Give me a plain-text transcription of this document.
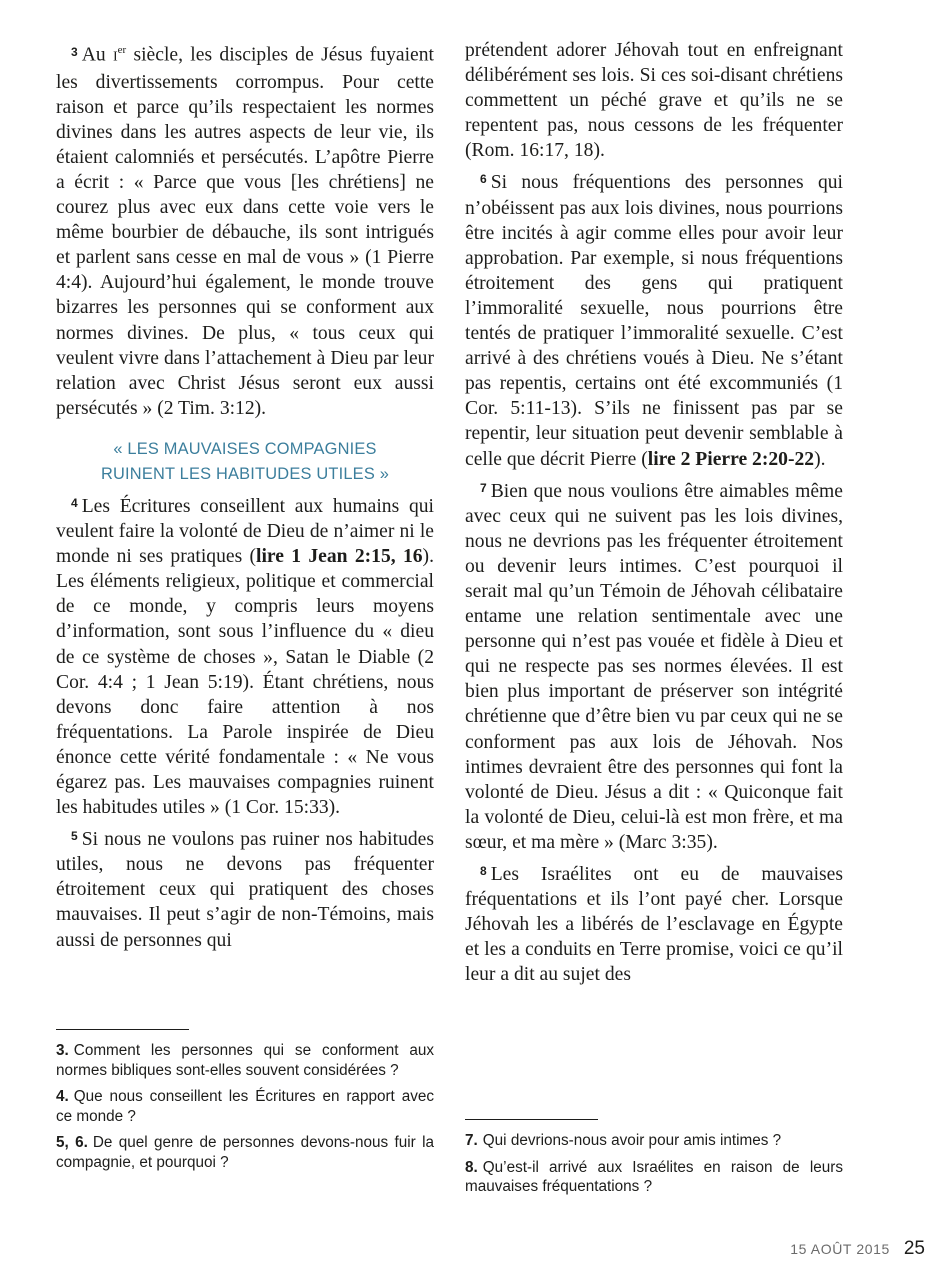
$^3$ Au Ier siècle, les disciples de Jésus fuyaient les divertissements corrompus. Pour cette raison et parce qu’ils respectaient les normes divines dans les autres aspects de leur vie, ils étaient calomniés et persécutés. L’apôtre Pierre a écrit : « Parce que vous [les chrétiens] ne courez plus avec eux dans cette voie vers le même bourbier de débauche, ils sont intrigués et parlent sans cesse en mal de vous » (1 Pierre 4:4). Aujourd’hui également, le monde trouve bizarres les personnes qui se conforment aux normes divines. De plus, « tous ceux qui veulent vivre dans l’attachement à Dieu par leur relation avec Christ Jésus seront eux aussi persécutés » (2 Tim. 3:12).

« LES MAUVAISES COMPAGNIES
RUINENT LES HABITUDES UTILES »

$^4$ Les Écritures conseillent aux humains qui veulent faire la volonté de Dieu de n’aimer ni le monde ni ses pratiques (lire 1 Jean 2:15, 16). Les éléments religieux, politique et commercial de ce monde, y compris leurs moyens d’information, sont sous l’influence du « dieu de ce système de choses », Satan le Diable (2 Cor. 4:4 ; 1 Jean 5:19). Étant chrétiens, nous devons donc faire attention à nos fréquentations. La Parole inspirée de Dieu énonce cette vérité fondamentale : « Ne vous égarez pas. Les mauvaises compagnies ruinent les habitudes utiles » (1 Cor. 15:33).

$^5$ Si nous ne voulons pas ruiner nos habitudes utiles, nous ne devons pas fréquenter étroitement ceux qui pratiquent des choses mauvaises. Il peut s’agir de non-Témoins, mais aussi de personnes qui

prétendent adorer Jéhovah tout en enfreignant délibérément ses lois. Si ces soi-disant chrétiens commettent un péché grave et qu’ils ne se repentent pas, nous cessons de les fréquenter (Rom. 16:17, 18).

$^6$ Si nous fréquentions des personnes qui n’obéissent pas aux lois divines, nous pourrions être incités à agir comme elles pour avoir leur approbation. Par exemple, si nous fréquentions étroitement des gens qui pratiquent l’immoralité sexuelle, nous pourrions être tentés de pratiquer l’immoralité sexuelle. C’est arrivé à des chrétiens voués à Dieu. Ne s’étant pas repentis, certains ont été excommuniés (1 Cor. 5:11-13). S’ils ne finissent pas par se repentir, leur situation peut devenir semblable à celle que décrit Pierre (lire 2 Pierre 2:20-22).

$^7$ Bien que nous voulions être aimables même avec ceux qui ne suivent pas les lois divines, nous ne devrions pas les fréquenter étroitement ou devenir leurs intimes. C’est pourquoi il serait mal qu’un Témoin de Jéhovah célibataire entame une relation sentimentale avec une personne qui n’est pas vouée et fidèle à Dieu et qui ne respecte pas ses normes élevées. Il est bien plus important de préserver son intégrité chrétienne que d’être bien vu par ceux qui ne se conforment pas aux lois de Jéhovah. Nos intimes devraient être des personnes qui font la volonté de Dieu. Jésus a dit : « Quiconque fait la volonté de Dieu, celui-là est mon frère, et ma sœur, et ma mère » (Marc 3:35).

$^8$ Les Israélites ont eu de mauvaises fréquentations et ils l’ont payé cher. Lorsque Jéhovah les a libérés de l’esclavage en Égypte et les a conduits en Terre promise, voici ce qu’il leur a dit au sujet des

3. Comment les personnes qui se conforment aux normes bibliques sont-elles souvent considérées ?

4. Que nous conseillent les Écritures en rapport avec ce monde ?

5, 6. De quel genre de personnes devons-nous fuir la compagnie, et pourquoi ?

7. Qui devrions-nous avoir pour amis intimes ?

8. Qu’est-il arrivé aux Israélites en raison de leurs mauvaises fréquentations ?

15 AOÛT 2015 25
